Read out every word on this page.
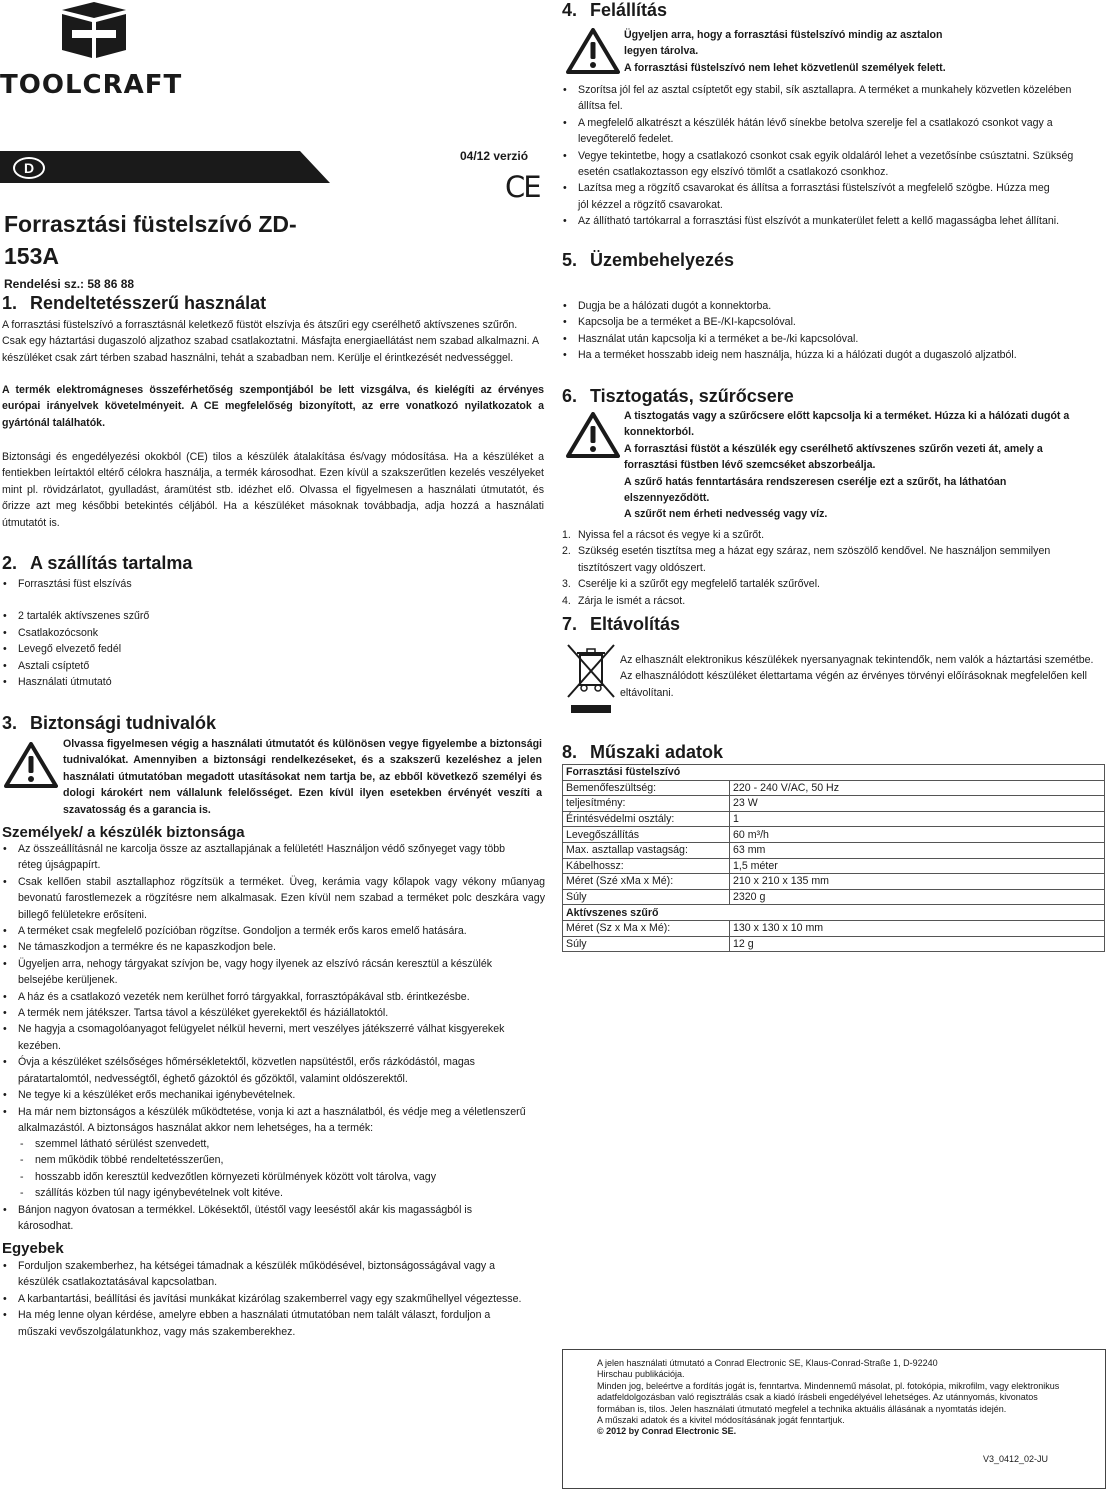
TOOLCRAFT
D
04/12 verzió
CE
Forrasztási füstelszívó ZD-153A
Rendelési sz.: 58 86 88
1. Rendeltetésszerű használat
A forrasztási füstelszívó a forrasztásnál keletkező füstöt elszívja és átszűri egy cserélhető aktívszenes szűrőn. Csak egy háztartási dugaszoló aljzathoz szabad csatlakoztatni. Másfajta energiaellátást nem szabad alkalmazni. A készüléket csak zárt térben szabad használni, tehát a szabadban nem. Kerülje el érintkezését nedvességgel.
A termék elektromágneses összeférhetőség szempontjából be lett vizsgálva, és kielégíti az érvényes európai irányelvek követelményeit. A CE megfelelőség bizonyított, az erre vonatkozó nyilatkozatok a gyártónál találhatók.
Biztonsági és engedélyezési okokból (CE) tilos a készülék átalakítása és/vagy módosítása. Ha a készüléket a fentiekben leírtaktól eltérő célokra használja, a termék károsodhat. Ezen kívül a szakszerűtlen kezelés veszélyeket mint pl. rövidzárlatot, gyulladást, áramütést stb. idézhet elő. Olvassa el figyelmesen a használati útmutatót, és őrizze azt meg későbbi betekintés céljából. Ha a készüléket másoknak továbbadja, adja hozzá a használati útmutatót is.
2. A szállítás tartalma
• Forrasztási füst elszívás
• 2 tartalék aktívszenes szűrő
• Csatlakozócsonk
• Levegő elvezető fedél
• Asztali csíptető
• Használati útmutató
3. Biztonsági tudnivalók
Olvassa figyelmesen végig a használati útmutatót és különösen vegye figyelembe a biztonsági tudnivalókat. Amennyiben a biztonsági rendelkezéseket, és a szakszerű kezeléshez a jelen használati útmutatóban megadott utasításokat nem tartja be, az ebből következő személyi és dologi károkért nem vállalunk felelősséget. Ezen kívül ilyen esetekben érvényét veszíti a szavatosság és a garancia is.
Személyek/ a készülék biztonsága
• Az összeállításnál ne karcolja össze az asztallapjának a felületét! Használjon védő szőnyeget vagy több réteg újságpapírt.
• Csak kellően stabil asztallaphoz rögzítsük a terméket. Üveg, kerámia vagy kőlapok vagy vékony műanyag bevonatú farostlemezek a rögzítésre nem alkalmasak. Ezen kívül nem szabad a terméket polc deszkára vagy billegő felületekre erősíteni.
• A terméket csak megfelelő pozícióban rögzítse. Gondoljon a termék erős karos emelő hatására.
• Ne támaszkodjon a termékre és ne kapaszkodjon bele.
• Ügyeljen arra, nehogy tárgyakat szívjon be, vagy hogy ilyenek az elszívó rácsán keresztül a készülék belsejébe kerüljenek.
• A ház és a csatlakozó vezeték nem kerülhet forró tárgyakkal, forrasztópákával stb. érintkezésbe.
• A termék nem játékszer. Tartsa távol a készüléket gyerekektől és háziállatoktól.
• Ne hagyja a csomagolóanyagot felügyelet nélkül heverni, mert veszélyes játékszerré válhat kisgyerekek kezében.
• Óvja a készüléket szélsőséges hőmérsékletektől, közvetlen napsütéstől, erős rázkódástól, magas páratartalomtól, nedvességtől, éghető gázoktól és gőzöktől, valamint oldószerektől.
• Ne tegye ki a készüléket erős mechanikai igénybevételnek.
• Ha már nem biztonságos a készülék működtetése, vonja ki azt a használatból, és védje meg a véletlenszerű alkalmazástól. A biztonságos használat akkor nem lehetséges, ha a termék:
- szemmel látható sérülést szenvedett,
- nem működik többé rendeltetésszerűen,
- hosszabb időn keresztül kedvezőtlen környezeti körülmények között volt tárolva, vagy
- szállítás közben túl nagy igénybevételnek volt kitéve.
• Bánjon nagyon óvatosan a termékkel. Lökésektől, ütéstől vagy leeséstől akár kis magasságból is károsodhat.
Egyebek
• Forduljon szakemberhez, ha kétségei támadnak a készülék működésével, biztonságosságával vagy a készülék csatlakoztatásával kapcsolatban.
• A karbantartási, beállítási és javítási munkákat kizárólag szakemberrel vagy egy szakműhellyel végeztesse.
• Ha még lenne olyan kérdése, amelyre ebben a használati útmutatóban nem talált választ, forduljon a műszaki vevőszolgálatunkhoz, vagy más szakemberekhez.
4. Felállítás
Ügyeljen arra, hogy a forrasztási füstelszívó mindig az asztalon
legyen tárolva.
A forrasztási füstelszívó nem lehet közvetlenül személyek felett.
• Szorítsa jól fel az asztal csíptetőt egy stabil, sík asztallapra. A terméket a munkahely közvetlen közelében állítsa fel.
• A megfelelő alkatrészt a készülék hátán lévő sínekbe betolva szerelje fel a csatlakozó csonkot vagy a levegőterelő fedelet.
• Vegye tekintetbe, hogy a csatlakozó csonkot csak egyik oldaláról lehet a vezetősínbe csúsztatni. Szükség esetén csatlakoztasson egy elszívó tömlőt a csatlakozó csonkhoz.
• Lazítsa meg a rögzítő csavarokat és állítsa a forrasztási füstelszívót a megfelelő szögbe. Húzza meg jól kézzel a rögzítő csavarokat.
• Az állítható tartókarral a forrasztási füst elszívót a munkaterület felett a kellő magasságba lehet állítani.
5. Üzembehelyezés
• Dugja be a hálózati dugót a konnektorba.
• Kapcsolja be a terméket a BE-/KI-kapcsolóval.
• Használat után kapcsolja ki a terméket a be-/ki kapcsolóval.
• Ha a terméket hosszabb ideig nem használja, húzza ki a hálózati dugót a dugaszoló aljzatból.
6. Tisztogatás, szűrőcsere
A tisztogatás vagy a szűrőcsere előtt kapcsolja ki a terméket. Húzza ki a hálózati dugót a konnektorból.
A forrasztási füstöt a készülék egy cserélhető aktívszenes szűrőn vezeti át, amely a forrasztási füstben lévő szemcséket abszorbeálja.
A szűrő hatás fenntartására rendszeresen cserélje ezt a szűrőt, ha láthatóan elszennyeződött.
A szűrőt nem érheti nedvesség vagy víz.
1. Nyissa fel a rácsot és vegye ki a szűrőt.
2. Szükség esetén tisztítsa meg a házat egy száraz, nem szöszölő kendővel. Ne használjon semmilyen tisztítószert vagy oldószert.
3. Cserélje ki a szűrőt egy megfelelő tartalék szűrővel.
4. Zárja le ismét a rácsot.
7. Eltávolítás
Az elhasznált elektronikus készülékek nyersanyagnak tekintendők, nem valók a háztartási szemétbe. Az elhasználódott készüléket élettartama végén az érvényes törvényi előírásoknak megfelelően kell eltávolítani.
8. Műszaki adatok
Forrasztási füstelszívó	
Bemenőfeszültség:	220 - 240 V/AC, 50 Hz
teljesítmény:	23 W
Érintésvédelmi osztály:	1
Levegőszállítás	60 m³/h
Max. asztallap vastagság:	63 mm
Kábelhossz:	1,5 méter
Méret (Szé xMa x Mé):	210 x 210 x 135 mm
Súly	2320 g
Aktívszenes szűrő	
Méret (Sz x Ma x Mé):	130 x 130 x 10 mm
Súly	12 g
A jelen használati útmutató a Conrad Electronic SE, Klaus-Conrad-Straße 1, D-92240
Hirschau publikációja.
Minden jog, beleértve a fordítás jogát is, fenntartva. Mindennemű másolat, pl. fotokópia, mikrofilm, vagy elektronikus adatfeldolgozásban való regisztrálás csak a kiadó írásbeli engedélyével lehetséges. Az utánnyomás, kivonatos formában is, tilos. Jelen használati útmutató megfelel a technika aktuális állásának a nyomtatás idején.
A műszaki adatok és a kivitel módosításának jogát fenntartjuk.
© 2012 by Conrad Electronic SE.
V3_0412_02-JU
